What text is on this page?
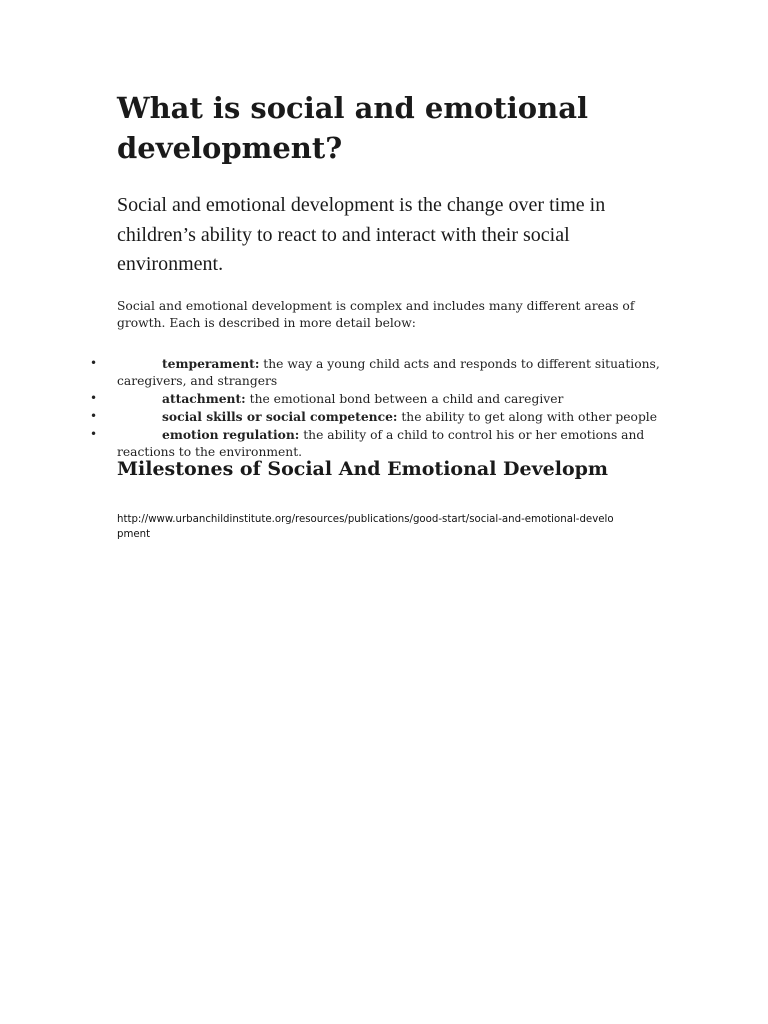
What is social and emotional development?

Social and emotional development is the change over time in children’s ability to react to and interact with their social environment.

Social and emotional development is complex and includes many different areas of growth. Each is described in more detail below:

•	temperament: the way a young child acts and responds to different situations, caregivers, and strangers
•	attachment: the emotional bond between a child and caregiver
•	social skills or social competence: the ability to get along with other people
•	emotion regulation: the ability of a child to control his or her emotions and reactions to the environment.
Milestones of Social And Emotional Developm

http://www.urbanchildinstitute.org/resources/publications/good-start/social-and-emotional-development
